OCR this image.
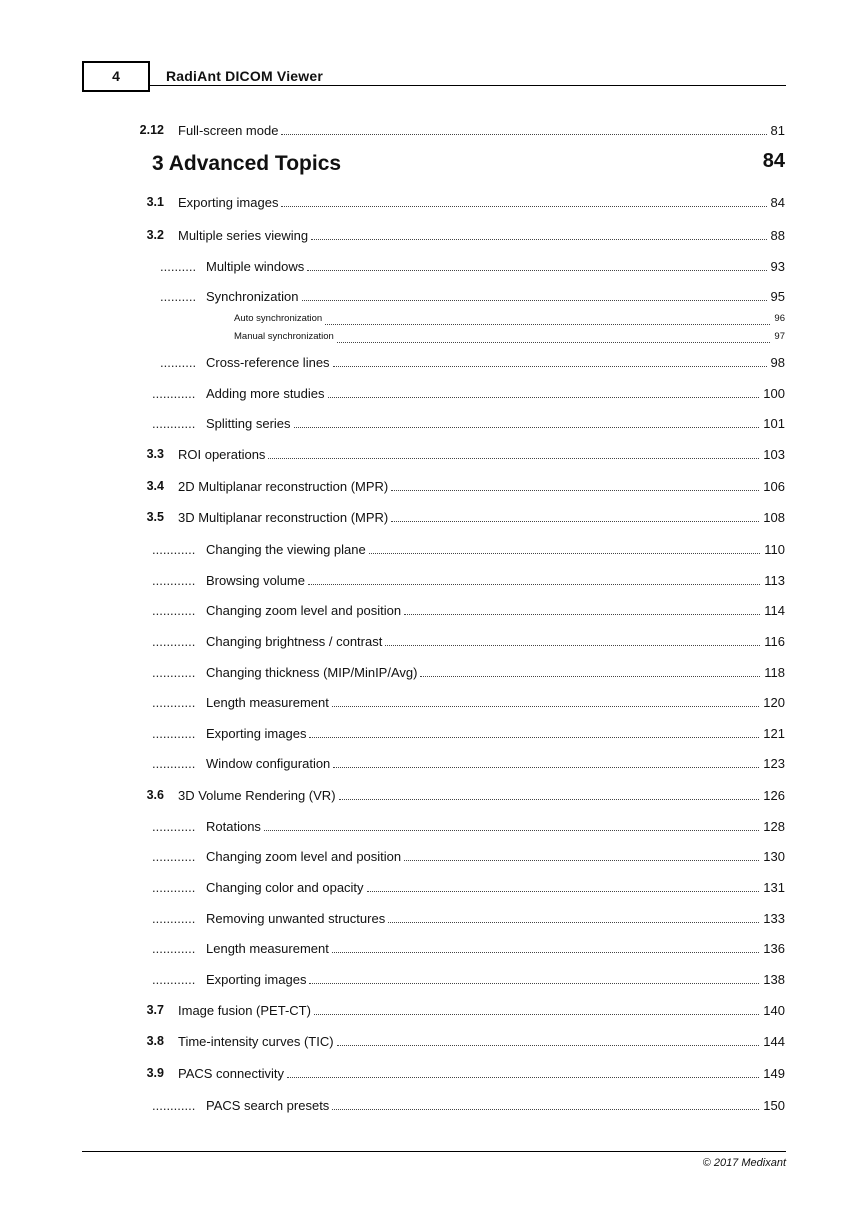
4	RadiAnt DICOM Viewer
3 Advanced Topics	84
2.12 Full-screen mode	81
3.1 Exporting images	84
3.2 Multiple series viewing	88
.......... Multiple windows	93
.......... Synchronization	95
Auto synchronization	96
Manual synchronization	97
.......... Cross-reference lines	98
............ Adding more studies	100
............ Splitting series	101
3.3 ROI operations	103
3.4 2D Multiplanar reconstruction (MPR)	106
3.5 3D Multiplanar reconstruction (MPR)	108
............ Changing the viewing plane	110
............ Browsing volume	113
............ Changing zoom level and position	114
............ Changing brightness / contrast	116
............ Changing thickness (MIP/MinIP/Avg)	118
............ Length measurement	120
............ Exporting images	121
............ Window configuration	123
3.6 3D Volume Rendering (VR)	126
............ Rotations	128
............ Changing zoom level and position	130
............ Changing color and opacity	131
............ Removing unwanted structures	133
............ Length measurement	136
............ Exporting images	138
3.7 Image fusion (PET-CT)	140
3.8 Time-intensity curves (TIC)	144
3.9 PACS connectivity	149
............ PACS search presets	150
© 2017 Medixant
